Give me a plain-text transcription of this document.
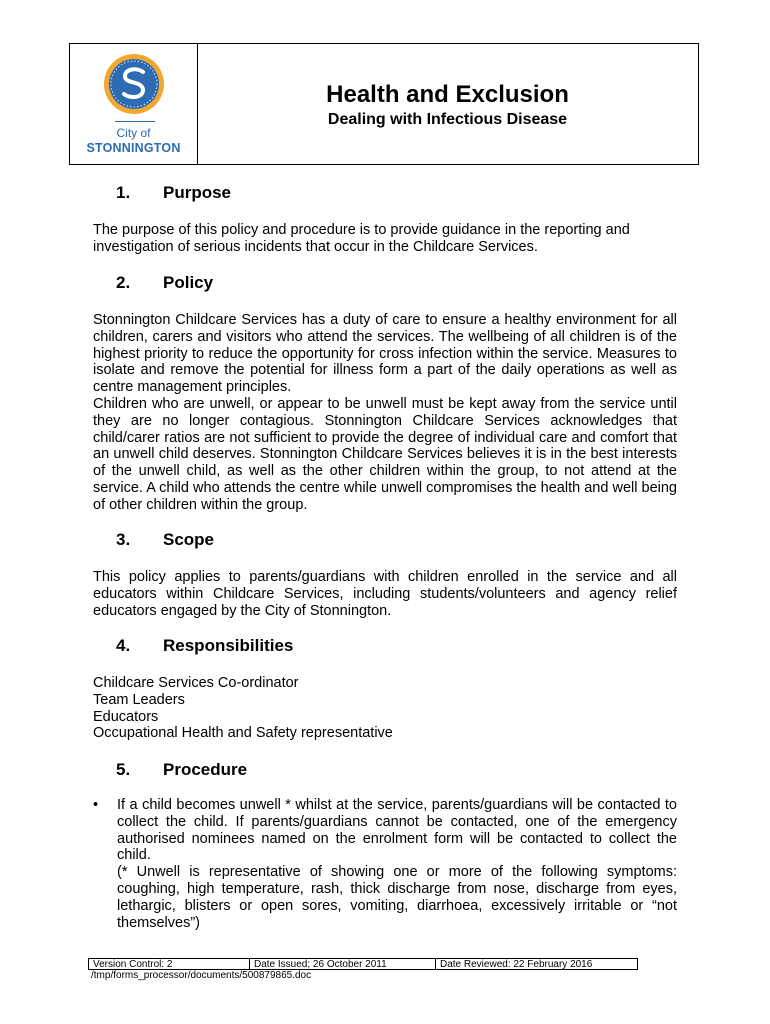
City of
STONNINGTON
Health and Exclusion
Dealing with Infectious Disease
1. Purpose
The purpose of this policy and procedure is to provide guidance in the reporting and investigation of serious incidents that occur in the Childcare Services.
2. Policy

Stonnington Childcare Services has a duty of care to ensure a healthy environment for all children, carers and visitors who attend the services. The wellbeing of all children is of the highest priority to reduce the opportunity for cross infection within the service. Measures to isolate and remove the potential for illness form a part of the daily operations as well as centre management principles.

Children who are unwell, or appear to be unwell must be kept away from the service until they are no longer contagious. Stonnington Childcare Services acknowledges that child/carer ratios are not sufficient to provide the degree of individual care and comfort that an unwell child deserves. Stonnington Childcare Services believes it is in the best interests of the unwell child, as well as the other children within the group, to not attend at the service. A child who attends the centre while unwell compromises the health and well being of other children within the group.

3. Scope
This policy applies to parents/guardians with children enrolled in the service and all educators within Childcare Services, including students/volunteers and agency relief educators engaged by the City of Stonnington.
4. Responsibilities
Childcare Services Co-ordinator
Team Leaders
Educators
Occupational Health and Safety representative
5. Procedure
• If a child becomes unwell * whilst at the service, parents/guardians will be contacted to collect the child. If parents/guardians cannot be contacted, one of the emergency authorised nominees named on the enrolment form will be contacted to collect the child.
(* Unwell is representative of showing one or more of the following symptoms: coughing, high temperature, rash, thick discharge from nose, discharge from eyes, lethargic, blisters or open sores, vomiting, diarrhoea, excessively irritable or “not themselves”)
Version Control: 2	Date Issued; 26 October 2011	Date Reviewed: 22 February 2016
/tmp/forms_processor/documents/500879865.doc
